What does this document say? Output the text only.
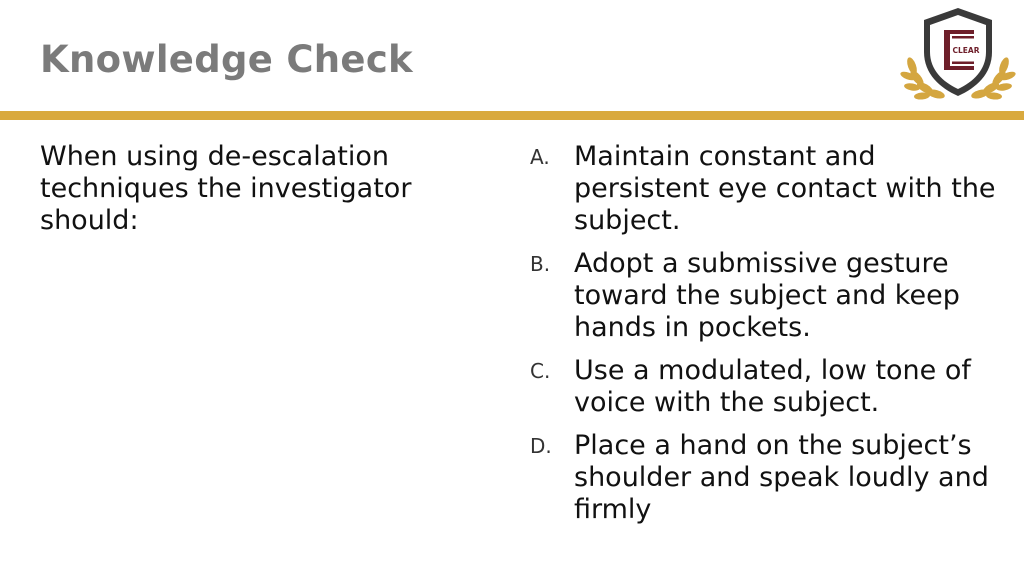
Knowledge Check	CLEAR

When using de-escalation techniques the investigator should:

A. Maintain constant and persistent eye contact with the subject.
B. Adopt a submissive gesture toward the subject and keep hands in pockets.
C. Use a modulated, low tone of voice with the subject.
D. Place a hand on the subject’s shoulder and speak loudly and firmly
